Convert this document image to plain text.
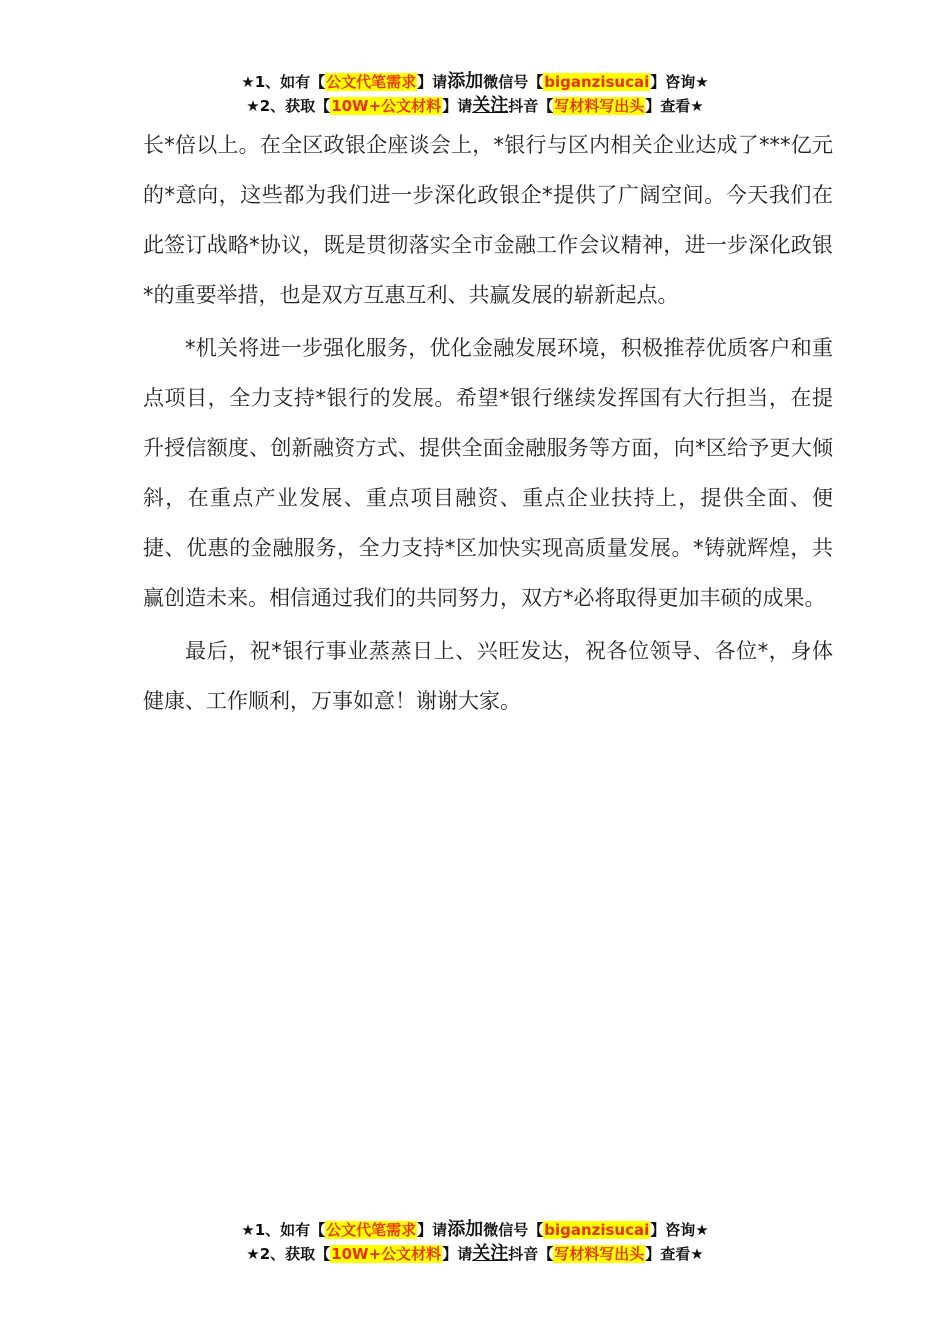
★1、如有【公文代笔需求】请添加微信号【biganzisucai】咨询★
★2、获取【10W+公文材料】请关注抖音【写材料写出头】查看★

长*倍以上。在全区政银企座谈会上，*银行与区内相关企业达成了***亿元的*意向，这些都为我们进一步深化政银企*提供了广阔空间。今天我们在此签订战略*协议，既是贯彻落实全市金融工作会议精神，进一步深化政银*的重要举措，也是双方互惠互利、共赢发展的崭新起点。

*机关将进一步强化服务，优化金融发展环境，积极推荐优质客户和重点项目，全力支持*银行的发展。希望*银行继续发挥国有大行担当，在提升授信额度、创新融资方式、提供全面金融服务等方面，向*区给予更大倾斜，在重点产业发展、重点项目融资、重点企业扶持上，提供全面、便捷、优惠的金融服务，全力支持*区加快实现高质量发展。*铸就辉煌，共赢创造未来。相信通过我们的共同努力，双方*必将取得更加丰硕的成果。

最后，祝*银行事业蒸蒸日上、兴旺发达，祝各位领导、各位*，身体健康、工作顺利，万事如意！谢谢大家。

★1、如有【公文代笔需求】请添加微信号【biganzisucai】咨询★
★2、获取【10W+公文材料】请关注抖音【写材料写出头】查看★
